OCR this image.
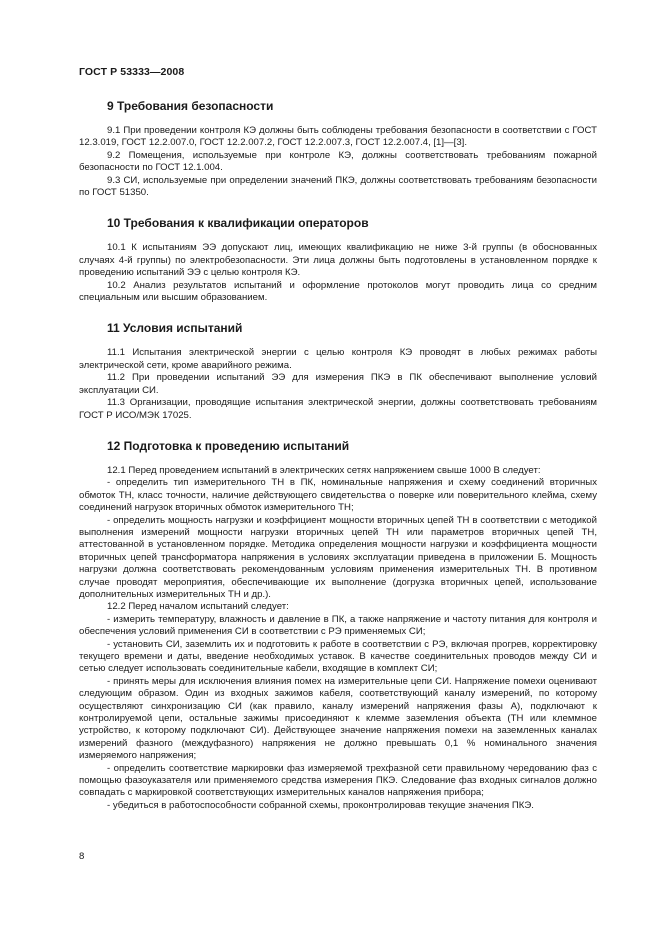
ГОСТ Р 53333—2008
9 Требования безопасности

9.1 При проведении контроля КЭ должны быть соблюдены требования безопасности в соответствии с ГОСТ 12.3.019, ГОСТ 12.2.007.0, ГОСТ 12.2.007.2, ГОСТ 12.2.007.3, ГОСТ 12.2.007.4, [1]—[3].

9.2 Помещения, используемые при контроле КЭ, должны соответствовать требованиям пожарной безопасности по ГОСТ 12.1.004.

9.3 СИ, используемые при определении значений ПКЭ, должны соответствовать требованиям безопасности по ГОСТ 51350.

10 Требования к квалификации операторов

10.1 К испытаниям ЭЭ допускают лиц, имеющих квалификацию не ниже 3-й группы (в обоснованных случаях 4-й группы) по электробезопасности. Эти лица должны быть подготовлены в установленном порядке к проведению испытаний ЭЭ с целью контроля КЭ.

10.2 Анализ результатов испытаний и оформление протоколов могут проводить лица со средним специальным или высшим образованием.

11 Условия испытаний

11.1 Испытания электрической энергии с целью контроля КЭ проводят в любых режимах работы электрической сети, кроме аварийного режима.

11.2 При проведении испытаний ЭЭ для измерения ПКЭ в ПК обеспечивают выполнение условий эксплуатации СИ.

11.3 Организации, проводящие испытания электрической энергии, должны соответствовать требованиям ГОСТ Р ИСО/МЭК 17025.

12 Подготовка к проведению испытаний

12.1 Перед проведением испытаний в электрических сетях напряжением свыше 1000 В следует:

- определить тип измерительного ТН в ПК, номинальные напряжения и схему соединений вторичных обмоток ТН, класс точности, наличие действующего свидетельства о поверке или поверительного клейма, схему соединений нагрузок вторичных обмоток измерительного ТН;

- определить мощность нагрузки и коэффициент мощности вторичных цепей ТН в соответствии с методикой выполнения измерений мощности нагрузки вторичных цепей ТН или параметров вторичных цепей ТН, аттестованной в установленном порядке. Методика определения мощности нагрузки и коэффициента мощности вторичных цепей трансформатора напряжения в условиях эксплуатации приведена в приложении Б. Мощность нагрузки должна соответствовать рекомендованным условиям применения измерительных ТН. В противном случае проводят мероприятия, обеспечивающие их выполнение (догрузка вторичных цепей, использование дополнительных измерительных ТН и др.).

12.2 Перед началом испытаний следует:

- измерить температуру, влажность и давление в ПК, а также напряжение и частоту питания для контроля и обеспечения условий применения СИ в соответствии с РЭ применяемых СИ;

- установить СИ, заземлить их и подготовить к работе в соответствии с РЭ, включая прогрев, корректировку текущего времени и даты, введение необходимых уставок. В качестве соединительных проводов между СИ и сетью следует использовать соединительные кабели, входящие в комплект СИ;

- принять меры для исключения влияния помех на измерительные цепи СИ. Напряжение помехи оценивают следующим образом. Один из входных зажимов кабеля, соответствующий каналу измерений, по которому осуществляют синхронизацию СИ (как правило, каналу измерений напряжения фазы А), подключают к контролируемой цепи, остальные зажимы присоединяют к клемме заземления объекта (ТН или клеммное устройство, к которому подключают СИ). Действующее значение напряжения помехи на заземленных каналах измерений фазного (междуфазного) напряжения не должно превышать 0,1 % номинального значения измеряемого напряжения;

- определить соответствие маркировки фаз измеряемой трехфазной сети правильному чередованию фаз с помощью фазоуказателя или применяемого средства измерения ПКЭ. Следование фаз входных сигналов должно совпадать с маркировкой соответствующих измерительных каналов напряжения прибора;

- убедиться в работоспособности собранной схемы, проконтролировав текущие значения ПКЭ.

8
